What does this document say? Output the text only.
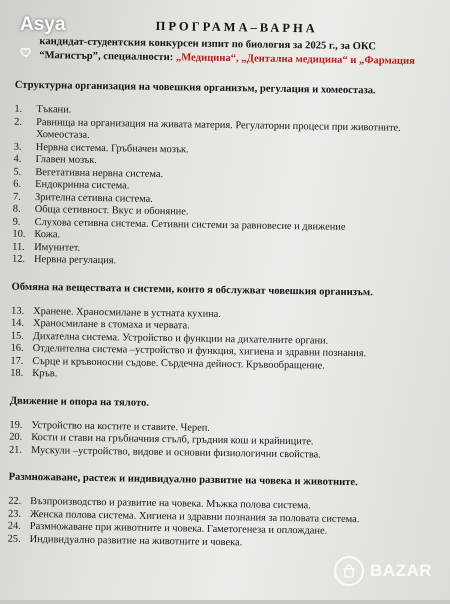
ПРОГРАМА–ВАРНА
кандидат-студентския конкурсен изпит по биология за 2025 г., за ОКС
“Магистър”, специалности: „Медицина“, „Дентална медицина“ и „Фармация
Структурна организация на човешкия организъм, регулация и хомеостаза.
1.	Тъкани.
2.	Равнища на организация на живата материя. Регулаторни процеси при животните. Хомеостаза.
3.	Нервна система. Гръбначен мозък.
4.	Главен мозък.
5.	Вегетативна нервна система.
6.	Ендокринна система.
7.	Зрителна сетивна система.
8.	Обща сетивност. Вкус и обоняние.
9.	Слухова сетивна система. Сетивни системи за равновесие и движение
10. Кожа.
11. Имунитет.
12. Нервна регулация.
Обмяна на веществата и системи, които я обслужват човешкия организъм.
13. Хранене. Храносмилане в устната кухина.
14. Храносмилане в стомаха и червата.
15. Дихателна система. Устройство и функции на дихателните органи.
16. Отделителна система –устройство и функция, хигиена и здравни познания.
17. Сърце и кръвоносни съдове. Сърдечна дейност. Кръвообращение.
18. Кръв.
Движение и опора на тялото.
19. Устройство на костите и ставите. Череп.
20. Кости и стави на гръбначния стълб, гръдния кош и крайниците.
21. Мускули –устройство, видове и основни физиологични свойства.
Размножаване, растеж и индивидуално развитие на човека и животните.
22. Възпроизводство и развитие на човека. Мъжка полова система.
23. Женска полова система. Хигиена и здравни познания за половата система.
24. Размножаване при животните и човека. Гаметогенеза и оплождане.
25. Индивидуално развитие на животните и човека.
Asya
BAZAR
